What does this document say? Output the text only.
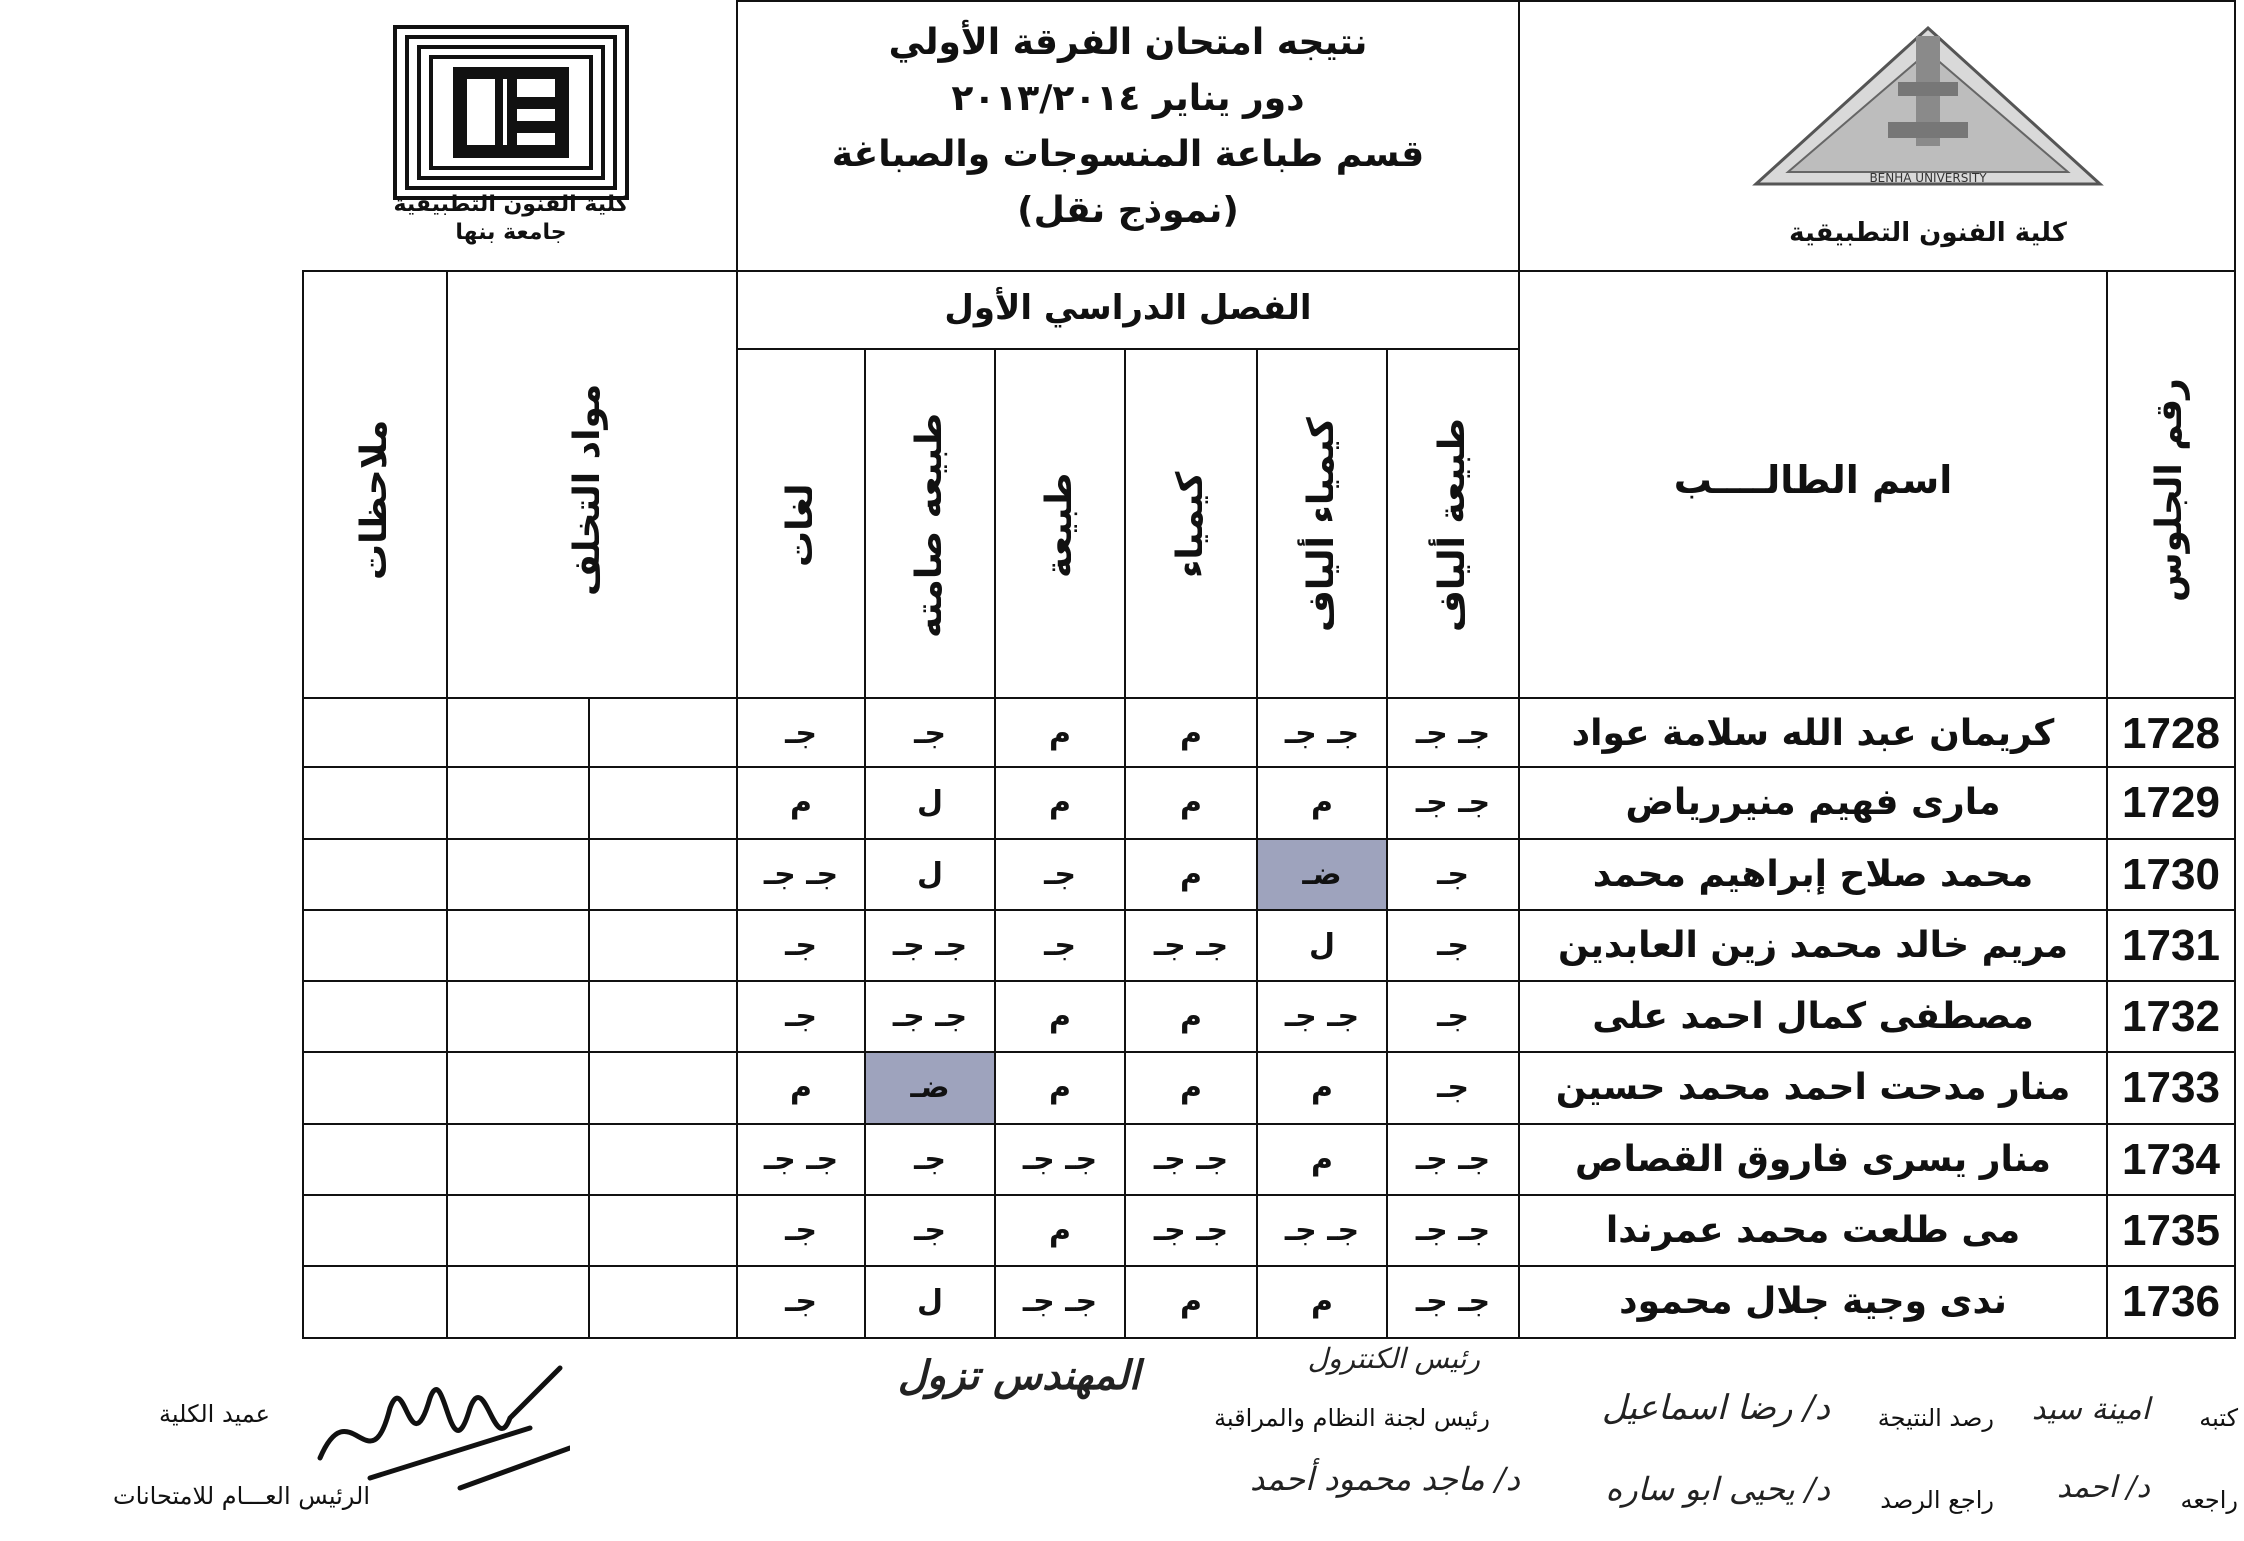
كلية الفنون التطبيقية
جامعة بنها
نتيجه امتحان الفرقة الأولي
دور يناير ٢٠١٣/٢٠١٤
قسم طباعة المنسوجات والصباغة
(نموذج نقل)
BENHA UNIVERSITY
كلية الفنون التطبيقية
رقم الجلوس
اسم الطالــــب
الفصل الدراسي الأول
طبيعة ألياف
كيمياء ألياف
كيمياء
طبيعة
طبيعه صامته
لغات
مواد التخلف
ملاحظات
1728
كريمان عبد الله سلامة عواد
جـ جـ
جـ جـ
م
م
جـ
جـ
1729
مارى فهيم منيررياض
جـ جـ
م
م
م
ل
م
1730
محمد صلاح إبراهيم محمد
جـ
ضـ
م
جـ
ل
جـ جـ
1731
مريم خالد محمد زين العابدين
جـ
ل
جـ جـ
جـ
جـ جـ
جـ
1732
مصطفى كمال احمد على
جـ
جـ جـ
م
م
جـ جـ
جـ
1733
منار مدحت احمد محمد حسين
جـ
م
م
م
ضـ
م
1734
منار يسرى فاروق القصاص
جـ جـ
م
جـ جـ
جـ جـ
جـ
جـ جـ
1735
مى طلعت محمد عمرندا
جـ جـ
جـ جـ
جـ جـ
م
جـ
جـ
1736
ندى وجية جلال محمود
جـ جـ
م
م
جـ جـ
ل
جـ
رئيس الكنترول
المهندس تزول
رئيس لجنة النظام والمراقبة	كتبه
امينة سيد
رصد النتيجة
د/ رضا اسماعيل
راجعه
د/ احمد
راجع الرصد
د/ يحيى ابو ساره
د/ ماجد محمود أحمد
عميد الكلية
الرئيس العـــام للامتحانات
